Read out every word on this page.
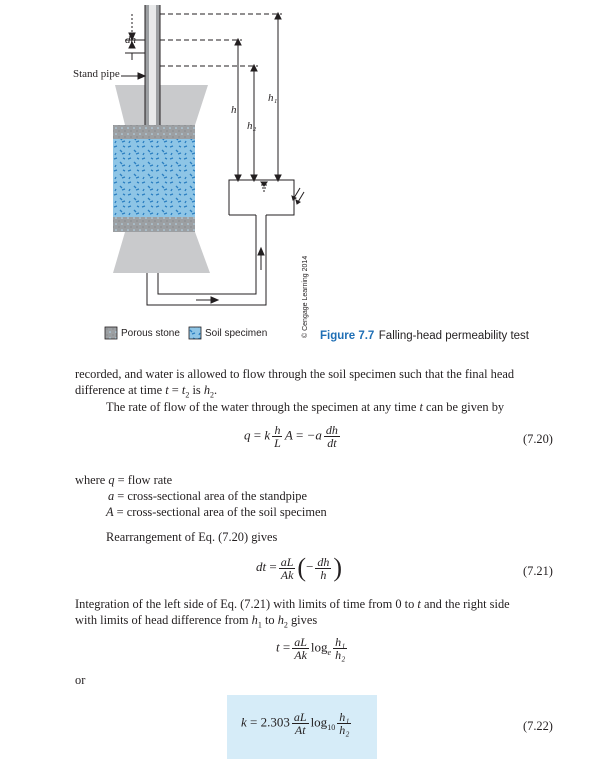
dh
Stand pipe
h
h₁
h₂
© Cengage Learning 2014
Porous stone	Soil specimen	Figure 7.7 Falling-head permeability test
recorded, and water is allowed to flow through the soil specimen such that the final head
difference at time $t = t_2$ is $h_2$.
The rate of flow of the water through the specimen at any time t can be given by
q = k $\frac{h}{L}$ $A = -a \frac{dh}{dt}$	(7.20)
where q = flow rate
a = cross-sectional area of the standpipe
A = cross-sectional area of the soil specimen
Rearrangement of Eq. (7.20) gives
dt = $\frac{aL}{Ak}$ (− $\frac{dh}{h}$ )	(7.21)
Integration of the left side of Eq. (7.21) with limits of time from 0 to t and the right side
with limits of head difference from $h_1$ to $h_2$ gives
$t = \frac{aL}{Ak} \log_e \frac{\text{h₁}}{\text{h₂}}$
or
$k = 2.303 \frac{aL}{At} \log_{10} \frac{\text{h₁}}{\text{h₂}}$	(7.22)
